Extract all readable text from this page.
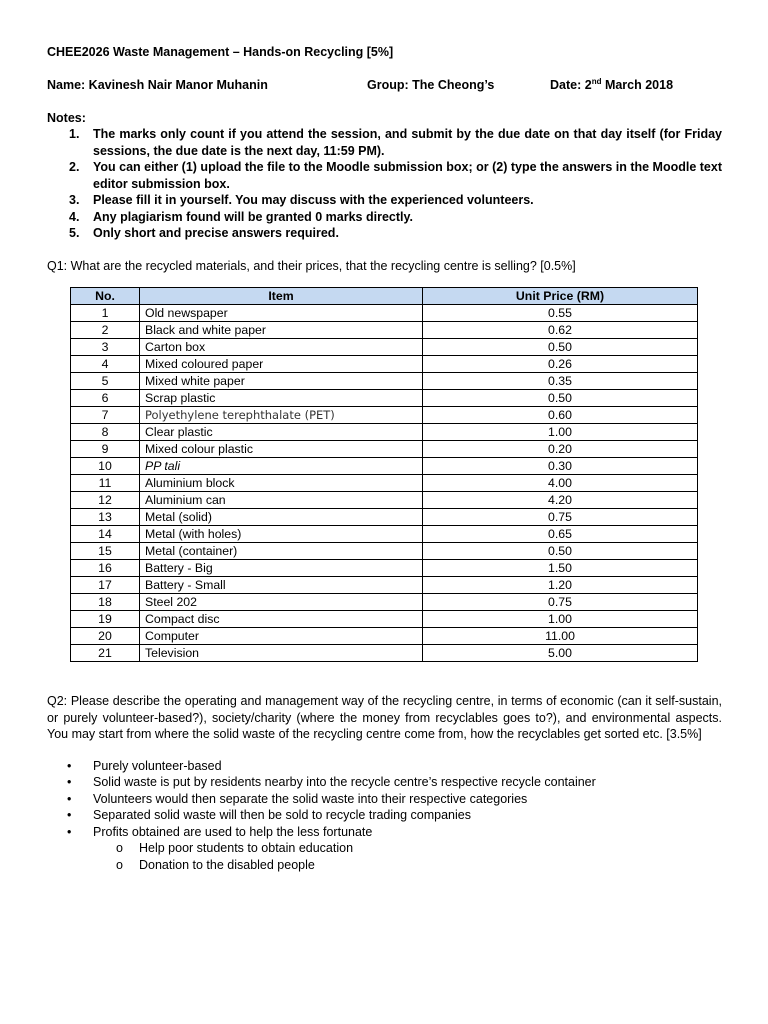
CHEE2026 Waste Management – Hands-on Recycling [5%]
Name: Kavinesh Nair Manor Muhanin	Group: The Cheong’s	Date: 2nd March 2018
Notes:
1. The marks only count if you attend the session, and submit by the due date on that day itself (for Friday sessions, the due date is the next day, 11:59 PM).
2. You can either (1) upload the file to the Moodle submission box; or (2) type the answers in the Moodle text editor submission box.
3. Please fill it in yourself. You may discuss with the experienced volunteers.
4. Any plagiarism found will be granted 0 marks directly.
5. Only short and precise answers required.
Q1: What are the recycled materials, and their prices, that the recycling centre is selling? [0.5%]
No.	Item	Unit Price (RM)
1	Old newspaper	0.55
2	Black and white paper	0.62
3	Carton box	0.50
4	Mixed coloured paper	0.26
5	Mixed white paper	0.35
6	Scrap plastic	0.50
7	Polyethylene terephthalate (PET)	0.60
8	Clear plastic	1.00
9	Mixed colour plastic	0.20
10	PP tali	0.30
11	Aluminium block	4.00
12	Aluminium can	4.20
13	Metal (solid)	0.75
14	Metal (with holes)	0.65
15	Metal (container)	0.50
16	Battery - Big	1.50
17	Battery - Small	1.20
18	Steel 202	0.75
19	Compact disc	1.00
20	Computer	11.00
21	Television	5.00
Q2: Please describe the operating and management way of the recycling centre, in terms of economic (can it self-sustain, or purely volunteer-based?), society/charity (where the money from recyclables goes to?), and environmental aspects. You may start from where the solid waste of the recycling centre come from, how the recyclables get sorted etc. [3.5%]
• Purely volunteer-based
• Solid waste is put by residents nearby into the recycle centre’s respective recycle container
• Volunteers would then separate the solid waste into their respective categories
• Separated solid waste will then be sold to recycle trading companies
• Profits obtained are used to help the less fortunate
o Help poor students to obtain education
o Donation to the disabled people
